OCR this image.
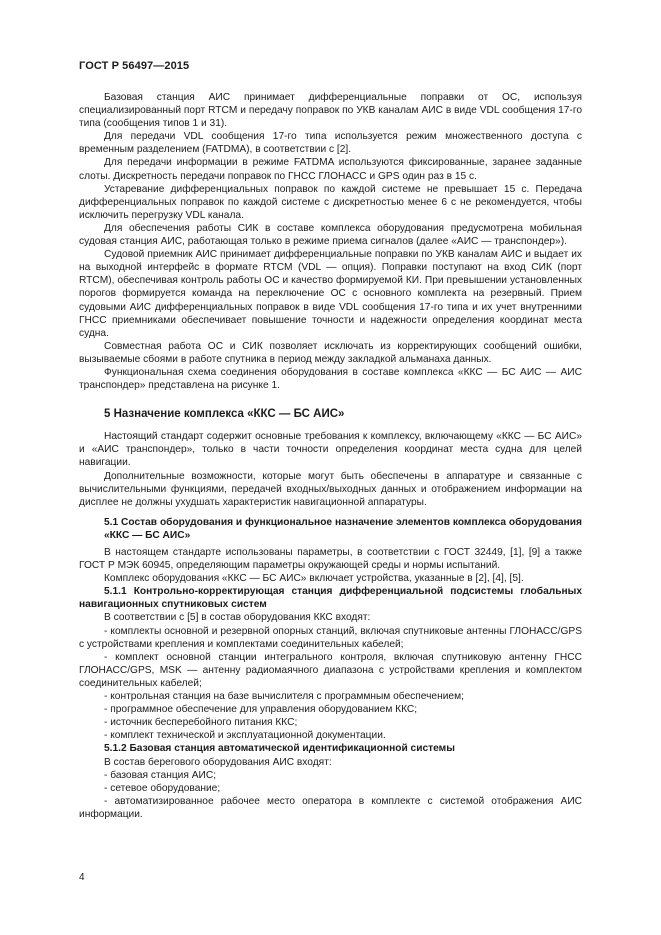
ГОСТ Р 56497—2015

Базовая станция АИС принимает дифференциальные поправки от ОС, используя специализированный порт RTCM и передачу поправок по УКВ каналам АИС в виде VDL сообщения 17-го типа (сообщения типов 1 и 31).

Для передачи VDL сообщения 17-го типа используется режим множественного доступа с временным разделением (FATDMA), в соответствии с [2].

Для передачи информации в режиме FATDMA используются фиксированные, заранее заданные слоты. Дискретность передачи поправок по ГНСС ГЛОНАСС и GPS один раз в 15 с.

Устаревание дифференциальных поправок по каждой системе не превышает 15 с. Передача дифференциальных поправок по каждой системе с дискретностью менее 6 с не рекомендуется, чтобы исключить перегрузку VDL канала.

Для обеспечения работы СИК в составе комплекса оборудования предусмотрена мобильная судовая станция АИС, работающая только в режиме приема сигналов (далее «АИС — транспондер»).

Судовой приемник АИС принимает дифференциальные поправки по УКВ каналам АИС и выдает их на выходной интерфейс в формате RTCM (VDL — опция). Поправки поступают на вход СИК (порт RTCM), обеспечивая контроль работы ОС и качество формируемой КИ. При превышении установленных порогов формируется команда на переключение ОС с основного комплекта на резервный. Прием судовыми АИС дифференциальных поправок в виде VDL сообщения 17-го типа и их учет внутренними ГНСС приемниками обеспечивает повышение точности и надежности определения координат места судна.

Совместная работа ОС и СИК позволяет исключать из корректирующих сообщений ошибки, вызываемые сбоями в работе спутника в период между закладкой альманаха данных.

Функциональная схема соединения оборудования в составе комплекса «ККС — БС АИС — АИС транспондер» представлена на рисунке 1.

5 Назначение комплекса «ККС — БС АИС»

Настоящий стандарт содержит основные требования к комплексу, включающему «ККС — БС АИС» и «АИС транспондер», только в части точности определения координат места судна для целей навигации.

Дополнительные возможности, которые могут быть обеспечены в аппаратуре и связанные с вычислительными функциями, передачей входных/выходных данных и отображением информации на дисплее не должны ухудшать характеристик навигационной аппаратуры.

5.1 Состав оборудования и функциональное назначение элементов комплекса оборудования «ККС — БС АИС»

В настоящем стандарте использованы параметры, в соответствии с ГОСТ 32449, [1], [9] а также ГОСТ Р МЭК 60945, определяющим параметры окружающей среды и нормы испытаний.

Комплекс оборудования «ККС — БС АИС» включает устройства, указанные в [2], [4], [5].

5.1.1 Контрольно-корректирующая станция дифференциальной подсистемы глобальных навигационных спутниковых систем

В соответствии с [5] в состав оборудования ККС входят:

- комплекты основной и резервной опорных станций, включая спутниковые антенны ГЛОНАСС/GPS с устройствами крепления и комплектами соединительных кабелей;

- комплект основной станции интегрального контроля, включая спутниковую антенну ГНСС ГЛОНАСС/GPS, MSK — антенну радиомаячного диапазона с устройствами крепления и комплектом соединительных кабелей;

- контрольная станция на базе вычислителя с программным обеспечением;

- программное обеспечение для управления оборудованием ККС;

- источник бесперебойного питания ККС;

- комплект технической и эксплуатационной документации.

5.1.2 Базовая станция автоматической идентификационной системы

В состав берегового оборудования АИС входят:

- базовая станция АИС;

- сетевое оборудование;

- автоматизированное рабочее место оператора в комплекте с системой отображения АИС информации.

4
